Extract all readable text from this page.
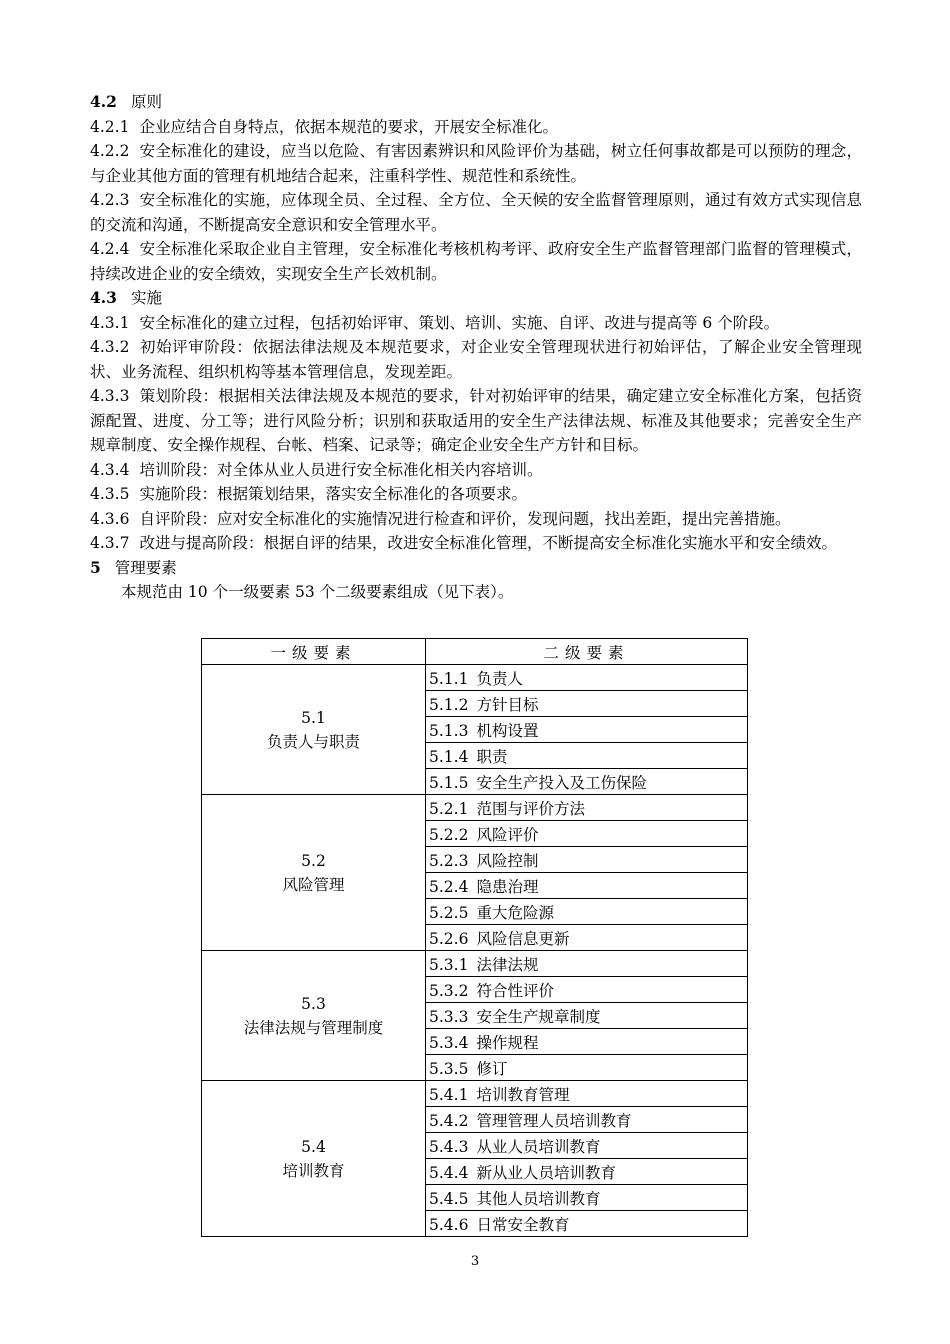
4.2 原则
4.2.1 企业应结合自身特点，依据本规范的要求，开展安全标准化。
4.2.2 安全标准化的建设，应当以危险、有害因素辨识和风险评价为基础，树立任何事故都是可以预防的理念，与企业其他方面的管理有机地结合起来，注重科学性、规范性和系统性。
4.2.3 安全标准化的实施，应体现全员、全过程、全方位、全天候的安全监督管理原则，通过有效方式实现信息的交流和沟通，不断提高安全意识和安全管理水平。
4.2.4 安全标准化采取企业自主管理，安全标准化考核机构考评、政府安全生产监督管理部门监督的管理模式，持续改进企业的安全绩效，实现安全生产长效机制。
4.3 实施
4.3.1 安全标准化的建立过程，包括初始评审、策划、培训、实施、自评、改进与提高等 6 个阶段。
4.3.2 初始评审阶段：依据法律法规及本规范要求，对企业安全管理现状进行初始评估，了解企业安全管理现状、业务流程、组织机构等基本管理信息，发现差距。
4.3.3 策划阶段：根据相关法律法规及本规范的要求，针对初始评审的结果，确定建立安全标准化方案，包括资源配置、进度、分工等；进行风险分析；识别和获取适用的安全生产法律法规、标准及其他要求；完善安全生产规章制度、安全操作规程、台帐、档案、记录等；确定企业安全生产方针和目标。
4.3.4 培训阶段：对全体从业人员进行安全标准化相关内容培训。
4.3.5 实施阶段：根据策划结果，落实安全标准化的各项要求。
4.3.6 自评阶段：应对安全标准化的实施情况进行检查和评价，发现问题，找出差距，提出完善措施。
4.3.7 改进与提高阶段：根据自评的结果，改进安全标准化管理，不断提高安全标准化实施水平和安全绩效。
5 管理要素
本规范由 10 个一级要素 53 个二级要素组成（见下表）。
一级要素	二级要素

5.1
负责人与职责	5.1.1 负责人
	5.1.2 方针目标
	5.1.3 机构设置
	5.1.4 职责
	5.1.5 安全生产投入及工伤保险

5.2
风险管理	5.2.1 范围与评价方法
	5.2.2 风险评价
	5.2.3 风险控制
	5.2.4 隐患治理
	5.2.5 重大危险源
	5.2.6 风险信息更新

5.3
法律法规与管理制度	5.3.1 法律法规
	5.3.2 符合性评价
	5.3.3 安全生产规章制度
	5.3.4 操作规程
	5.3.5 修订

5.4
培训教育	5.4.1 培训教育管理
	5.4.2 管理管理人员培训教育
	5.4.3 从业人员培训教育
	5.4.4 新从业人员培训教育
	5.4.5 其他人员培训教育
	5.4.6 日常安全教育
3
